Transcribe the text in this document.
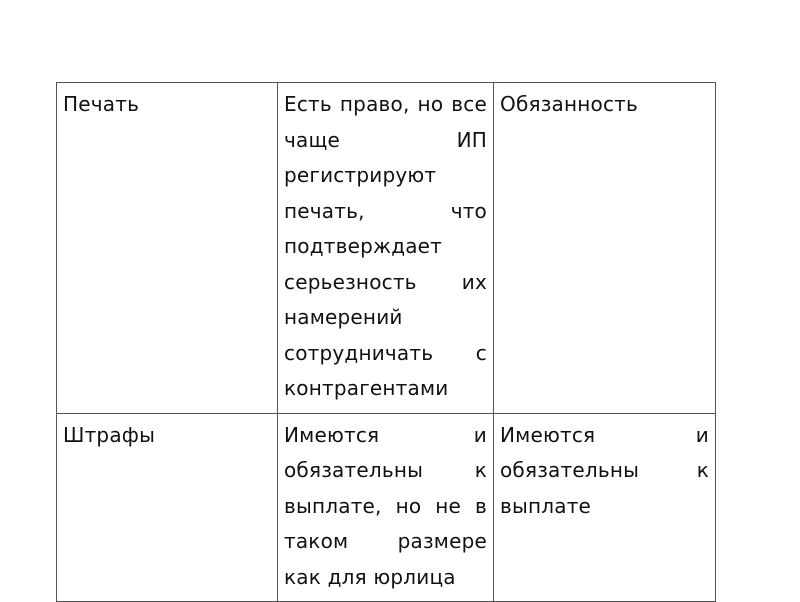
Печать	Есть право, но все чаще ИП регистрируют печать, что подтверждает серьезность их намерений сотрудничать с контрагентами	Обязанность
Штрафы	Имеются и обязательны к выплате, но не в таком размере как для юрлица	Имеются и обязательны к выплате
